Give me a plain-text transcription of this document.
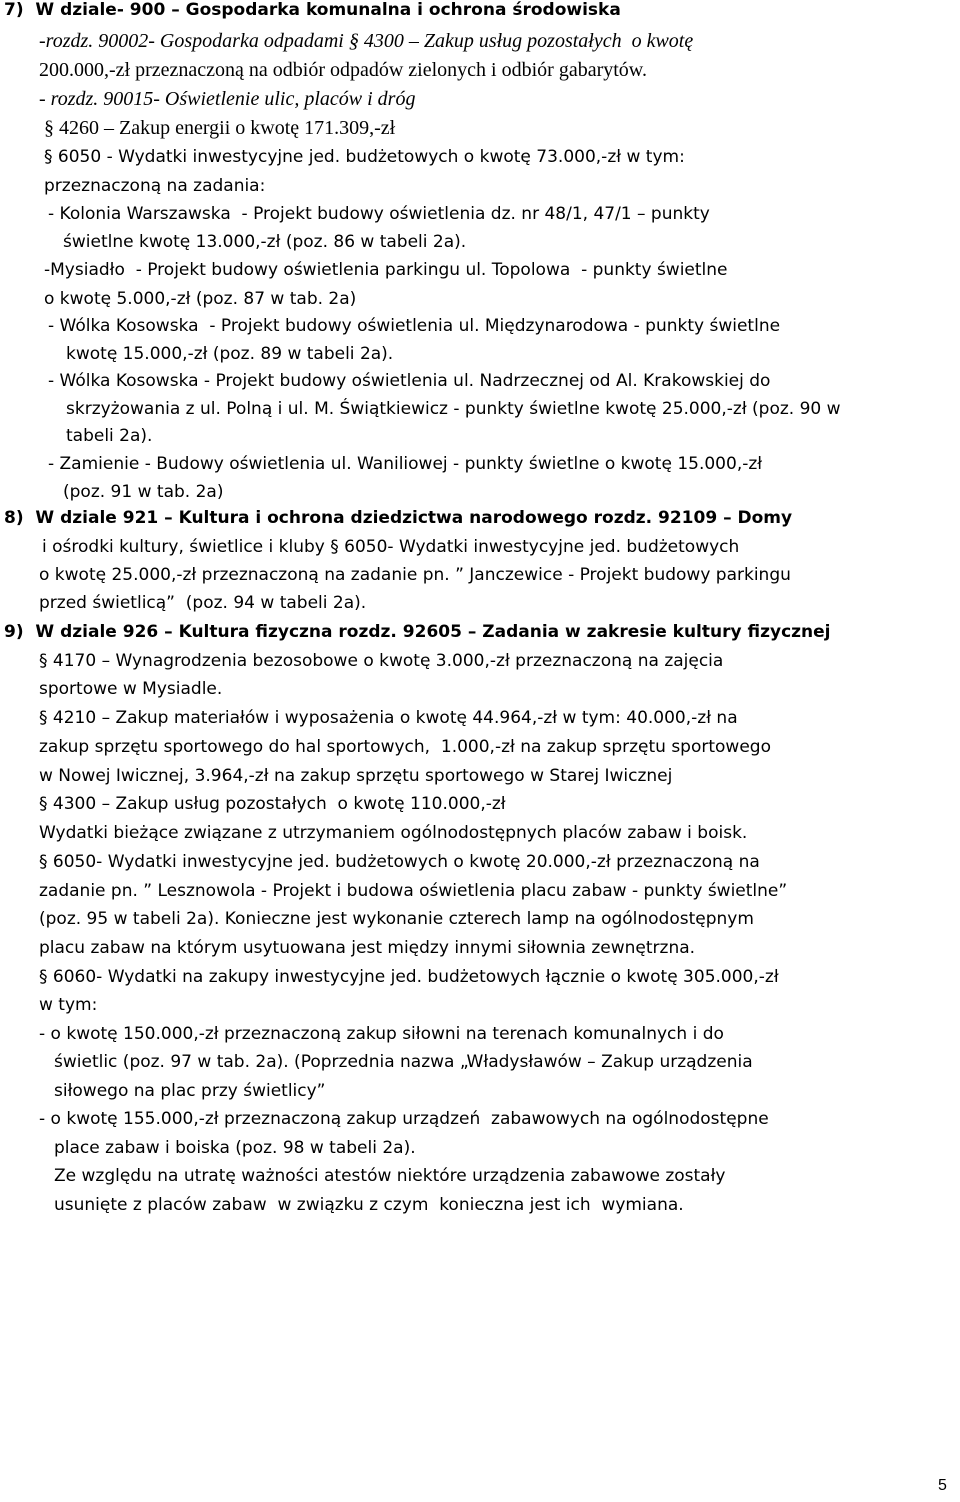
7)  W dziale- 900 – Gospodarka komunalna i ochrona środowiska
-rozdz. 90002- Gospodarka odpadami § 4300 – Zakup usług pozostałych  o kwotę
200.000,-zł przeznaczoną na odbiór odpadów zielonych i odbiór gabarytów.
- rozdz. 90015- Oświetlenie ulic, placów i dróg
§ 4260 – Zakup energii o kwotę 171.309,-zł
§ 6050 - Wydatki inwestycyjne jed. budżetowych o kwotę 73.000,-zł w tym:
przeznaczoną na zadania:
- Kolonia Warszawska  - Projekt budowy oświetlenia dz. nr 48/1, 47/1 – punkty
świetlne kwotę 13.000,-zł (poz. 86 w tabeli 2a).
-Mysiadło  - Projekt budowy oświetlenia parkingu ul. Topolowa  - punkty świetlne
o kwotę 5.000,-zł (poz. 87 w tab. 2a)
- Wólka Kosowska  - Projekt budowy oświetlenia ul. Międzynarodowa - punkty świetlne
kwotę 15.000,-zł (poz. 89 w tabeli 2a).
- Wólka Kosowska - Projekt budowy oświetlenia ul. Nadrzecznej od Al. Krakowskiej do
skrzyżowania z ul. Polną i ul. M. Świątkiewicz - punkty świetlne kwotę 25.000,-zł (poz. 90 w
tabeli 2a).
- Zamienie - Budowy oświetlenia ul. Waniliowej - punkty świetlne o kwotę 15.000,-zł
(poz. 91 w tab. 2a)
8)  W dziale 921 – Kultura i ochrona dziedzictwa narodowego rozdz. 92109 – Domy
i ośrodki kultury, świetlice i kluby § 6050- Wydatki inwestycyjne jed. budżetowych
o kwotę 25.000,-zł przeznaczoną na zadanie pn. ” Janczewice - Projekt budowy parkingu
przed świetlicą”  (poz. 94 w tabeli 2a).
9)  W dziale 926 – Kultura fizyczna rozdz. 92605 – Zadania w zakresie kultury fizycznej
§ 4170 – Wynagrodzenia bezosobowe o kwotę 3.000,-zł przeznaczoną na zajęcia
sportowe w Mysiadle.
§ 4210 – Zakup materiałów i wyposażenia o kwotę 44.964,-zł w tym: 40.000,-zł na
zakup sprzętu sportowego do hal sportowych,  1.000,-zł na zakup sprzętu sportowego
w Nowej Iwicznej, 3.964,-zł na zakup sprzętu sportowego w Starej Iwicznej
§ 4300 – Zakup usług pozostałych  o kwotę 110.000,-zł
Wydatki bieżące związane z utrzymaniem ogólnodostępnych placów zabaw i boisk.
§ 6050- Wydatki inwestycyjne jed. budżetowych o kwotę 20.000,-zł przeznaczoną na
zadanie pn. ” Lesznowola - Projekt i budowa oświetlenia placu zabaw - punkty świetlne”
(poz. 95 w tabeli 2a). Konieczne jest wykonanie czterech lamp na ogólnodostępnym
placu zabaw na którym usytuowana jest między innymi siłownia zewnętrzna.
§ 6060- Wydatki na zakupy inwestycyjne jed. budżetowych łącznie o kwotę 305.000,-zł
w tym:
- o kwotę 150.000,-zł przeznaczoną zakup siłowni na terenach komunalnych i do
świetlic (poz. 97 w tab. 2a). (Poprzednia nazwa „Władysławów – Zakup urządzenia
siłowego na plac przy świetlicy”
- o kwotę 155.000,-zł przeznaczoną zakup urządzeń  zabawowych na ogólnodostępne
place zabaw i boiska (poz. 98 w tabeli 2a).
Ze względu na utratę ważności atestów niektóre urządzenia zabawowe zostały
usunięte z placów zabaw  w związku z czym  konieczna jest ich  wymiana.
5
